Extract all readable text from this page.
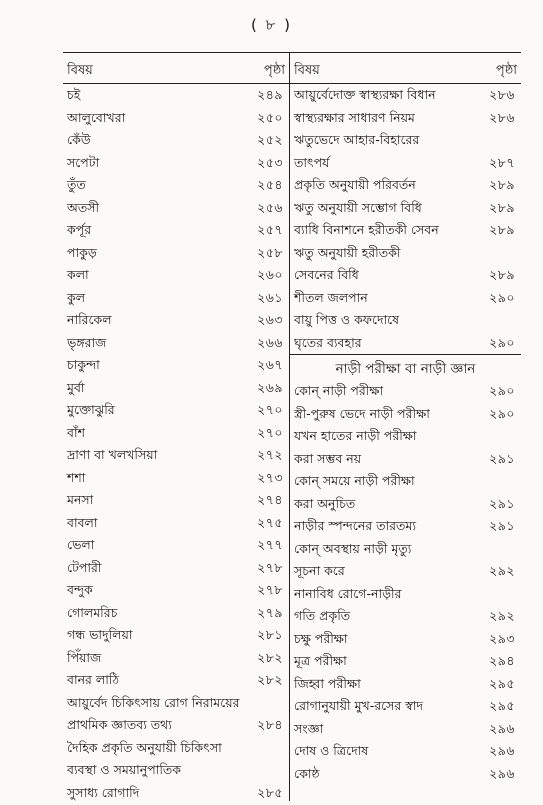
( ৮ )
বিষয়	পৃষ্ঠা
চই	২৪৯
আলুবোখরা	২৫০
কেঁউ	২৫২
সপেটা	২৫৩
তুঁত	২৫৪
অতসী	২৫৬
কর্পূর	২৫৭
পাকুড়	২৫৮
কলা	২৬০
কুল	২৬১
নারিকেল	২৬৩
ভৃঙ্গরাজ	২৬৬
চাকুন্দা	২৬৭
মুর্বা	২৬৯
মুক্তোঝুরি	২৭০
বাঁশ	২৭০
দ্রাণা বা খলখসিয়া	২৭২
শশা	২৭৩
মনসা	২৭৪
বাবলা	২৭৫
ভেলা	২৭৭
টেপারী	২৭৮
বন্দুক	২৭৮
গোলমরিচ	২৭৯
গন্ধ ভাদুলিয়া	২৮১
পিঁয়াজ	২৮২
বানর লাঠি	২৮২
আয়ুর্বেদ চিকিৎসায় রোগ নিরাময়ের
প্রাথমিক জ্ঞাতব্য তথ্য	২৮৪
দৈহিক প্রকৃতি অনুযায়ী চিকিৎসা
ব্যবস্থা ও সময়ানুপাতিক
সুসাধ্য রোগাদি	২৮৫
বিষয়	পৃষ্ঠা
আয়ুর্বেদোক্ত স্বাস্থ্যরক্ষা বিধান	২৮৬
স্বাস্থ্যরক্ষার সাধারণ নিয়ম	২৮৬
ঋতুভেদে আহার-বিহারের
তাৎপর্য	২৮৭
প্রকৃতি অনুযায়ী পরিবর্তন	২৮৯
ঋতু অনুযায়ী সম্ভোগ বিধি	২৮৯
ব্যাধি বিনাশনে হরীতকী সেবন	২৮৯
ঋতু অনুযায়ী হরীতকী
সেবনের বিধি	২৮৯
শীতল জলপান	২৯০
বায়ু পিত্ত ও কফদোষে
ঘৃতের ব্যবহার	২৯০
নাড়ী পরীক্ষা বা নাড়ী জ্ঞান
কোন্‌ নাড়ী পরীক্ষা	২৯০
স্ত্রী-পুরুষ ভেদে নাড়ী পরীক্ষা	২৯০
যখন হাতের নাড়ী পরীক্ষা
করা সম্ভব নয়	২৯১
কোন্‌ সময়ে নাড়ী পরীক্ষা
করা অনুচিত	২৯১
নাড়ীর স্পন্দনের তারতম্য	২৯১
কোন্‌ অবস্থায় নাড়ী মৃত্যু
সূচনা করে	২৯২
নানাবিধ রোগে-নাড়ীর
গতি প্রকৃতি	২৯২
চক্ষু পরীক্ষা	২৯৩
মূত্র পরীক্ষা	২৯৪
জিহ্বা পরীক্ষা	২৯৫
রোগানুযায়ী মুখ-রসের স্বাদ	২৯৫
সংজ্ঞা	২৯৬
দোষ ও ত্রিদোষ	২৯৬
কোষ্ঠ	২৯৬
